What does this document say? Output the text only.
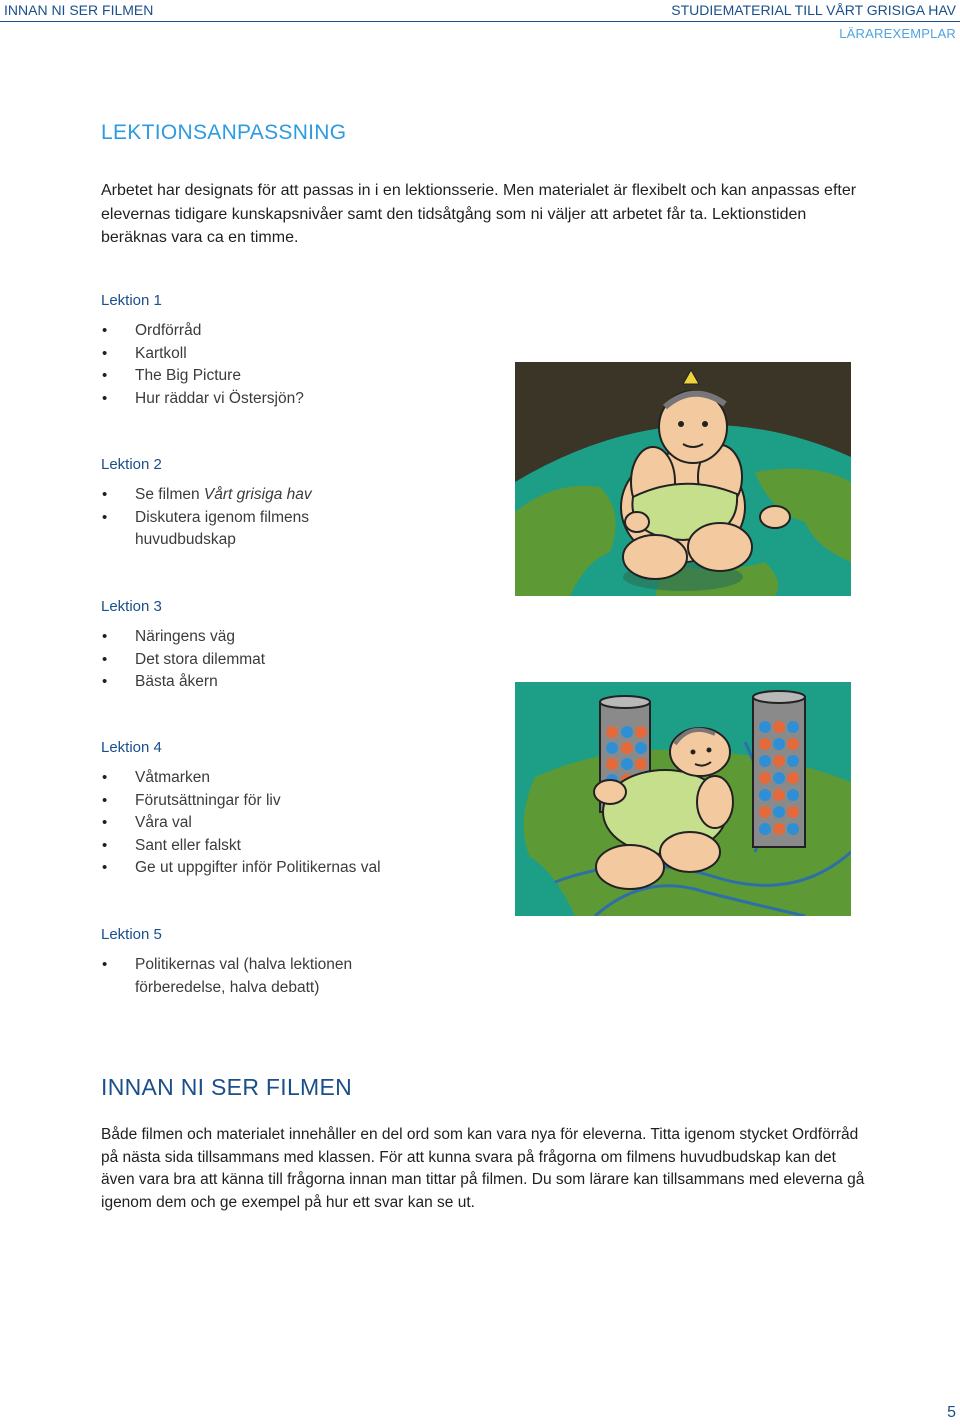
INNAN NI SER FILMEN	STUDIEMATERIAL TILL VÅRT GRISIGA HAV
LÄRAREXEMPLAR
LEKTIONSANPASSNING
Arbetet har designats för att passas in i en lektionsserie. Men materialet är flexibelt och kan anpassas efter elevernas tidigare kunskapsnivåer samt den tidsåtgång som ni väljer att arbetet får ta. Lektionstiden beräknas vara ca en timme.
Lektion 1
• Ordförråd
• Kartkoll
• The Big Picture
• Hur räddar vi Östersjön?
Lektion 2
• Se filmen Vårt grisiga hav
• Diskutera igenom filmens huvudbudskap
Lektion 3
• Näringens väg
• Det stora dilemmat
• Bästa åkern
Lektion 4
• Våtmarken
• Förutsättningar för liv
• Våra val
• Sant eller falskt
• Ge ut uppgifter inför Politikernas val
Lektion 5
• Politikernas val (halva lektionen förberedelse, halva debatt)
INNAN NI SER FILMEN
Både filmen och materialet innehåller en del ord som kan vara nya för eleverna. Titta igenom stycket Ordförråd på nästa sida tillsammans med klassen. För att kunna svara på frågorna om filmens huvudbudskap kan det även vara bra att känna till frågorna innan man tittar på filmen. Du som lärare kan tillsammans med eleverna gå igenom dem och ge exempel på hur ett svar kan se ut.
5
